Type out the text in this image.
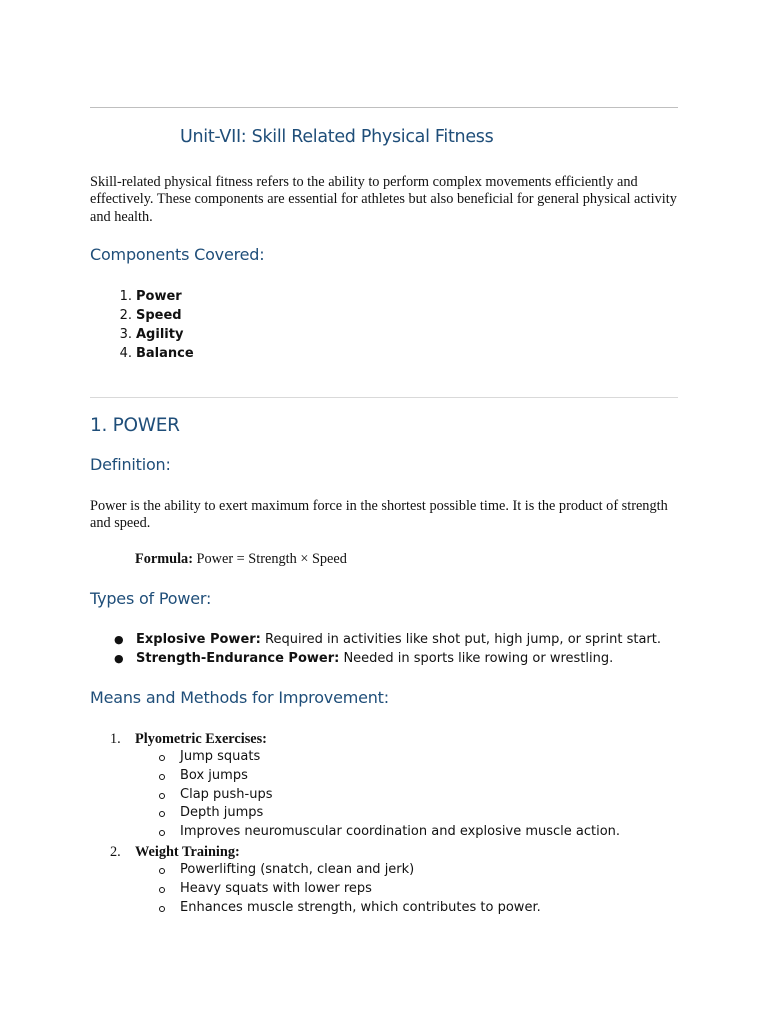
Unit-VII: Skill Related Physical Fitness

Skill-related physical fitness refers to the ability to perform complex movements efficiently and effectively. These components are essential for athletes but also beneficial for general physical activity and health.

Components Covered:
1. Power
2. Speed
3. Agility
4. Balance
1. POWER
Definition:

Power is the ability to exert maximum force in the shortest possible time. It is the product of strength and speed.

Formula: Power = Strength × Speed

Types of Power:
● Explosive Power: Required in activities like shot put, high jump, or sprint start.
● Strength-Endurance Power: Needed in sports like rowing or wrestling.
Means and Methods for Improvement:

1. Plyometric Exercises:

Jump squats
Box jumps
Clap push-ups
Depth jumps
Improves neuromuscular coordination and explosive muscle action.

2. Weight Training:

Powerlifting (snatch, clean and jerk)
Heavy squats with lower reps
Enhances muscle strength, which contributes to power.
